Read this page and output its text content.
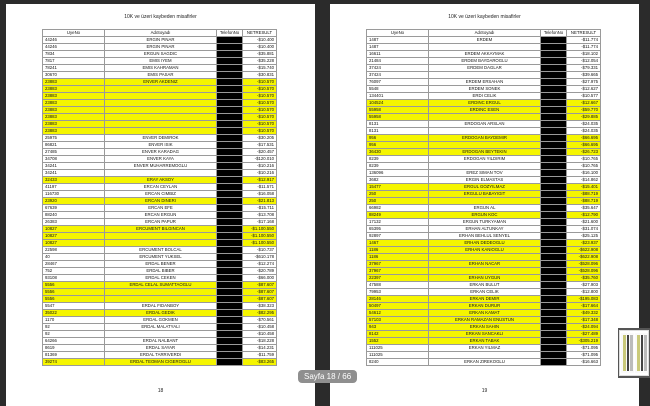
10K ve üzeri kaybeden misafirler
UyeNo	AdıSoyadı	TelefonNo	NETRESULT
44246	ERGIN PINAR		-$10.400
44246	ERGIN PINAR		-$10.400
7834	ERGUN SAGDIC		-$35.881
7817	EMIS IYEM		-$35.228
78241	EMIS KAHRAMAN		-$15.740
30670	EMIS PASAR		-$30.831
23883	ENVER AKDENIZ		-$10.570
23883			-$10.570
23883			-$10.570
23883			-$10.570
23883			-$10.570
23883			-$10.570
23883			-$10.570
23883			-$10.570
25975	ENVER DEMIROK		-$30.205
86821	ENVER ISIK		-$17.531
27485	ENVER KARADAG		-$20.457
34708	ENVER KAYA		-$120.010
34241	ENVER MUHARREMOGLU		-$10.216
34241			-$10.216
32433	ERAY AKSOY		-$12.917
41197	ERCAN CEYLAN		-$11.571
116730	ERCAN CIMBIZ		-$16.058
23920	ERCAN DINERI		-$21.813
67639	ERCAN EFE		-$15.711
88240	ERCAN ERGUN		-$13.708
26383	ERCAN PAPUR		-$17.168
10827	ERCUMENT BILGINCAN		-$1.100.550
10827			-$1.100.550
10827			-$1.100.550
22598	ERCUMENT BOLCAL		-$10.737
40	ERCUMENT YUKSEL		-$610.178
28467	ERDAL BENER		-$12.274
752	ERDAL BIBER		-$20.789
93108	ERDAL CEKEN		-$66.000
5556	ERDAL CELAL SUMATTAOGLU		-$87.607
5556			-$87.607
5556			-$87.607
5547	ERDAL FIDANBOY		-$38.323
35022	ERDAL GEDIK		-$82.295
1170	ERDAL GOKMEN		-$70.561
92	ERDAL MALATYALI		-$10.458
92			-$10.458
64266	ERDAL NALBANT		-$18.228
8619	ERDAL SAYAR		-$14.231
81369	ERDAL TARRIVERDI		-$11.759
39274	ERDAL TEOMAN CIGEROGLU		-$83.265
18
10K ve üzeri kaybeden misafirler
UyeNo	AdıSoyadı	TelefonNo	NETRESULT
1487	ERDEM		-$11.774
1487			-$11.774
16611	ERDEM AKKAYMAK		-$18.102
21484	ERDEM BAYDAROGLU		-$12.054
37424	ERDEM DAGLAR		-$79.331
37424			-$39.665
76097	ERDEM ERSAHAN		-$27.975
5548	ERDEM SONEK		-$12.627
134401	ERDI CELIK		-$10.577
104524	ERDINC ERGUL		-$12.667
55958	ERDINC ESEN		-$59.770
55958			-$29.885
8131	ERDOGAN ARSLAN		-$24.035
8131			-$24.035
956	ERDOGAN BAYDEMIR		-$66.695
956			-$66.695
36430	ERDOGAN BEYTEKIN		-$26.723
8239	ERDOGAN YILDIRIM		-$10.765
8239			-$10.765
136096	EREZ SIMAN TOV		-$16.100
3682	ERGIN ELMASTAS		-$14.862
15477	ERGUL GOZYILMAZ		-$15.401
250	ERGULU BABAYIGIT		-$88.719
250			-$88.719
66982	ERGUN AL		-$35.647
88249	ERGUN KOC		-$12.790
17132	ERGUN TURKYAMAN		-$21.600
65395	ERHAN ALTUNKAY		-$31.074
92897	ERHAN BEHLUL SENYEL		-$25.125
1467	ERHAN DEDEOGLU		-$23.937
1186	ERHAN KANIOGLU		-$622.908
1186			-$622.908
37967	ERHAN NACAR		-$528.096
37967			-$528.096
22397	ERHAN UYGUN		-$35.760
47588	ERKAN BULUT		-$27.903
79953	ERKAN CELIK		-$12.800
28146	ERKAN DEMIR		-$195.083
50497	ERKAN DURUR		-$17.664
54612	ERKAN KAMAT		-$49.332
57103	ERKAN RAMAZAN ENUSTUN		-$17.348
943	ERKAN SAHIN		-$24.094
8142	ERKAN SANCAKLI		-$27.489
1552	ERKAN TABAK		-$305.219
111025	ERKAN YILMAZ		-$71.095
111025			-$71.095
8240	ERKAN ZIREKOGLU		-$16.663
19
Sayfa 18 / 66
